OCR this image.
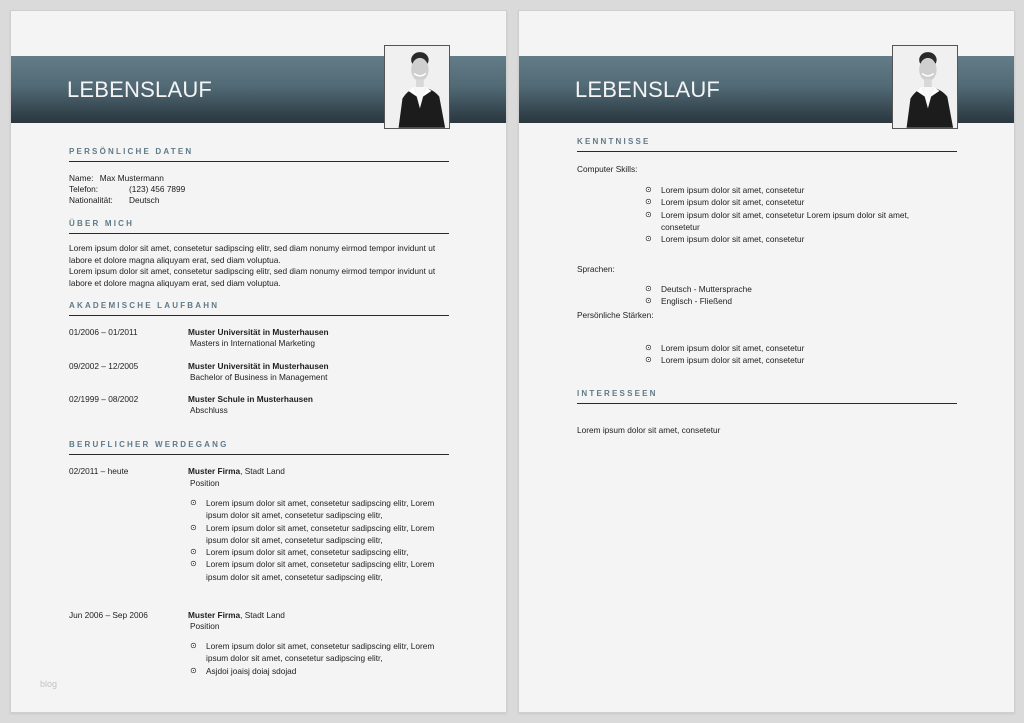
LEBENSLAUF
PERSÖNLICHE DATEN
Name: Max Mustermann
Telefon:	(123) 456 7899
Nationalität: Deutsch
ÜBER MICH
Lorem ipsum dolor sit amet, consetetur sadipscing elitr, sed diam nonumy eirmod tempor invidunt ut
labore et dolore magna aliquyam erat, sed diam voluptua.
Lorem ipsum dolor sit amet, consetetur sadipscing elitr, sed diam nonumy eirmod tempor invidunt ut
labore et dolore magna aliquyam erat, sed diam voluptua.
AKADEMISCHE LAUFBAHN
01/2006 – 01/2011	Muster Universität in Musterhausen
Masters in International Marketing
09/2002 – 12/2005	Muster Universität in Musterhausen
Bachelor of Business in Management
02/1999 – 08/2002	Muster Schule in Musterhausen
Abschluss
BERUFLICHER WERDEGANG
02/2011 – heute	Muster Firma, Stadt Land
Position
⊙ Lorem ipsum dolor sit amet, consetetur sadipscing elitr, Lorem
ipsum dolor sit amet, consetetur sadipscing elitr,
⊙ Lorem ipsum dolor sit amet, consetetur sadipscing elitr, Lorem
ipsum dolor sit amet, consetetur sadipscing elitr,
⊙ Lorem ipsum dolor sit amet, consetetur sadipscing elitr,
⊙ Lorem ipsum dolor sit amet, consetetur sadipscing elitr, Lorem
ipsum dolor sit amet, consetetur sadipscing elitr,
Jun 2006 – Sep 2006	Muster Firma, Stadt Land
Position
⊙ Lorem ipsum dolor sit amet, consetetur sadipscing elitr, Lorem
ipsum dolor sit amet, consetetur sadipscing elitr,
⊙ Asjdoi joaisj doiaj sdojad
blog
LEBENSLAUF
KENNTNISSE
Computer Skills:
⊙ Lorem ipsum dolor sit amet, consetetur
⊙ Lorem ipsum dolor sit amet, consetetur
⊙ Lorem ipsum dolor sit amet, consetetur Lorem ipsum dolor sit amet,
consetetur
⊙ Lorem ipsum dolor sit amet, consetetur
Sprachen:
⊙ Deutsch - Muttersprache
⊙ Englisch - Fließend
Persönliche Stärken:
⊙ Lorem ipsum dolor sit amet, consetetur
⊙ Lorem ipsum dolor sit amet, consetetur
INTERESSEEN
Lorem ipsum dolor sit amet, consetetur
